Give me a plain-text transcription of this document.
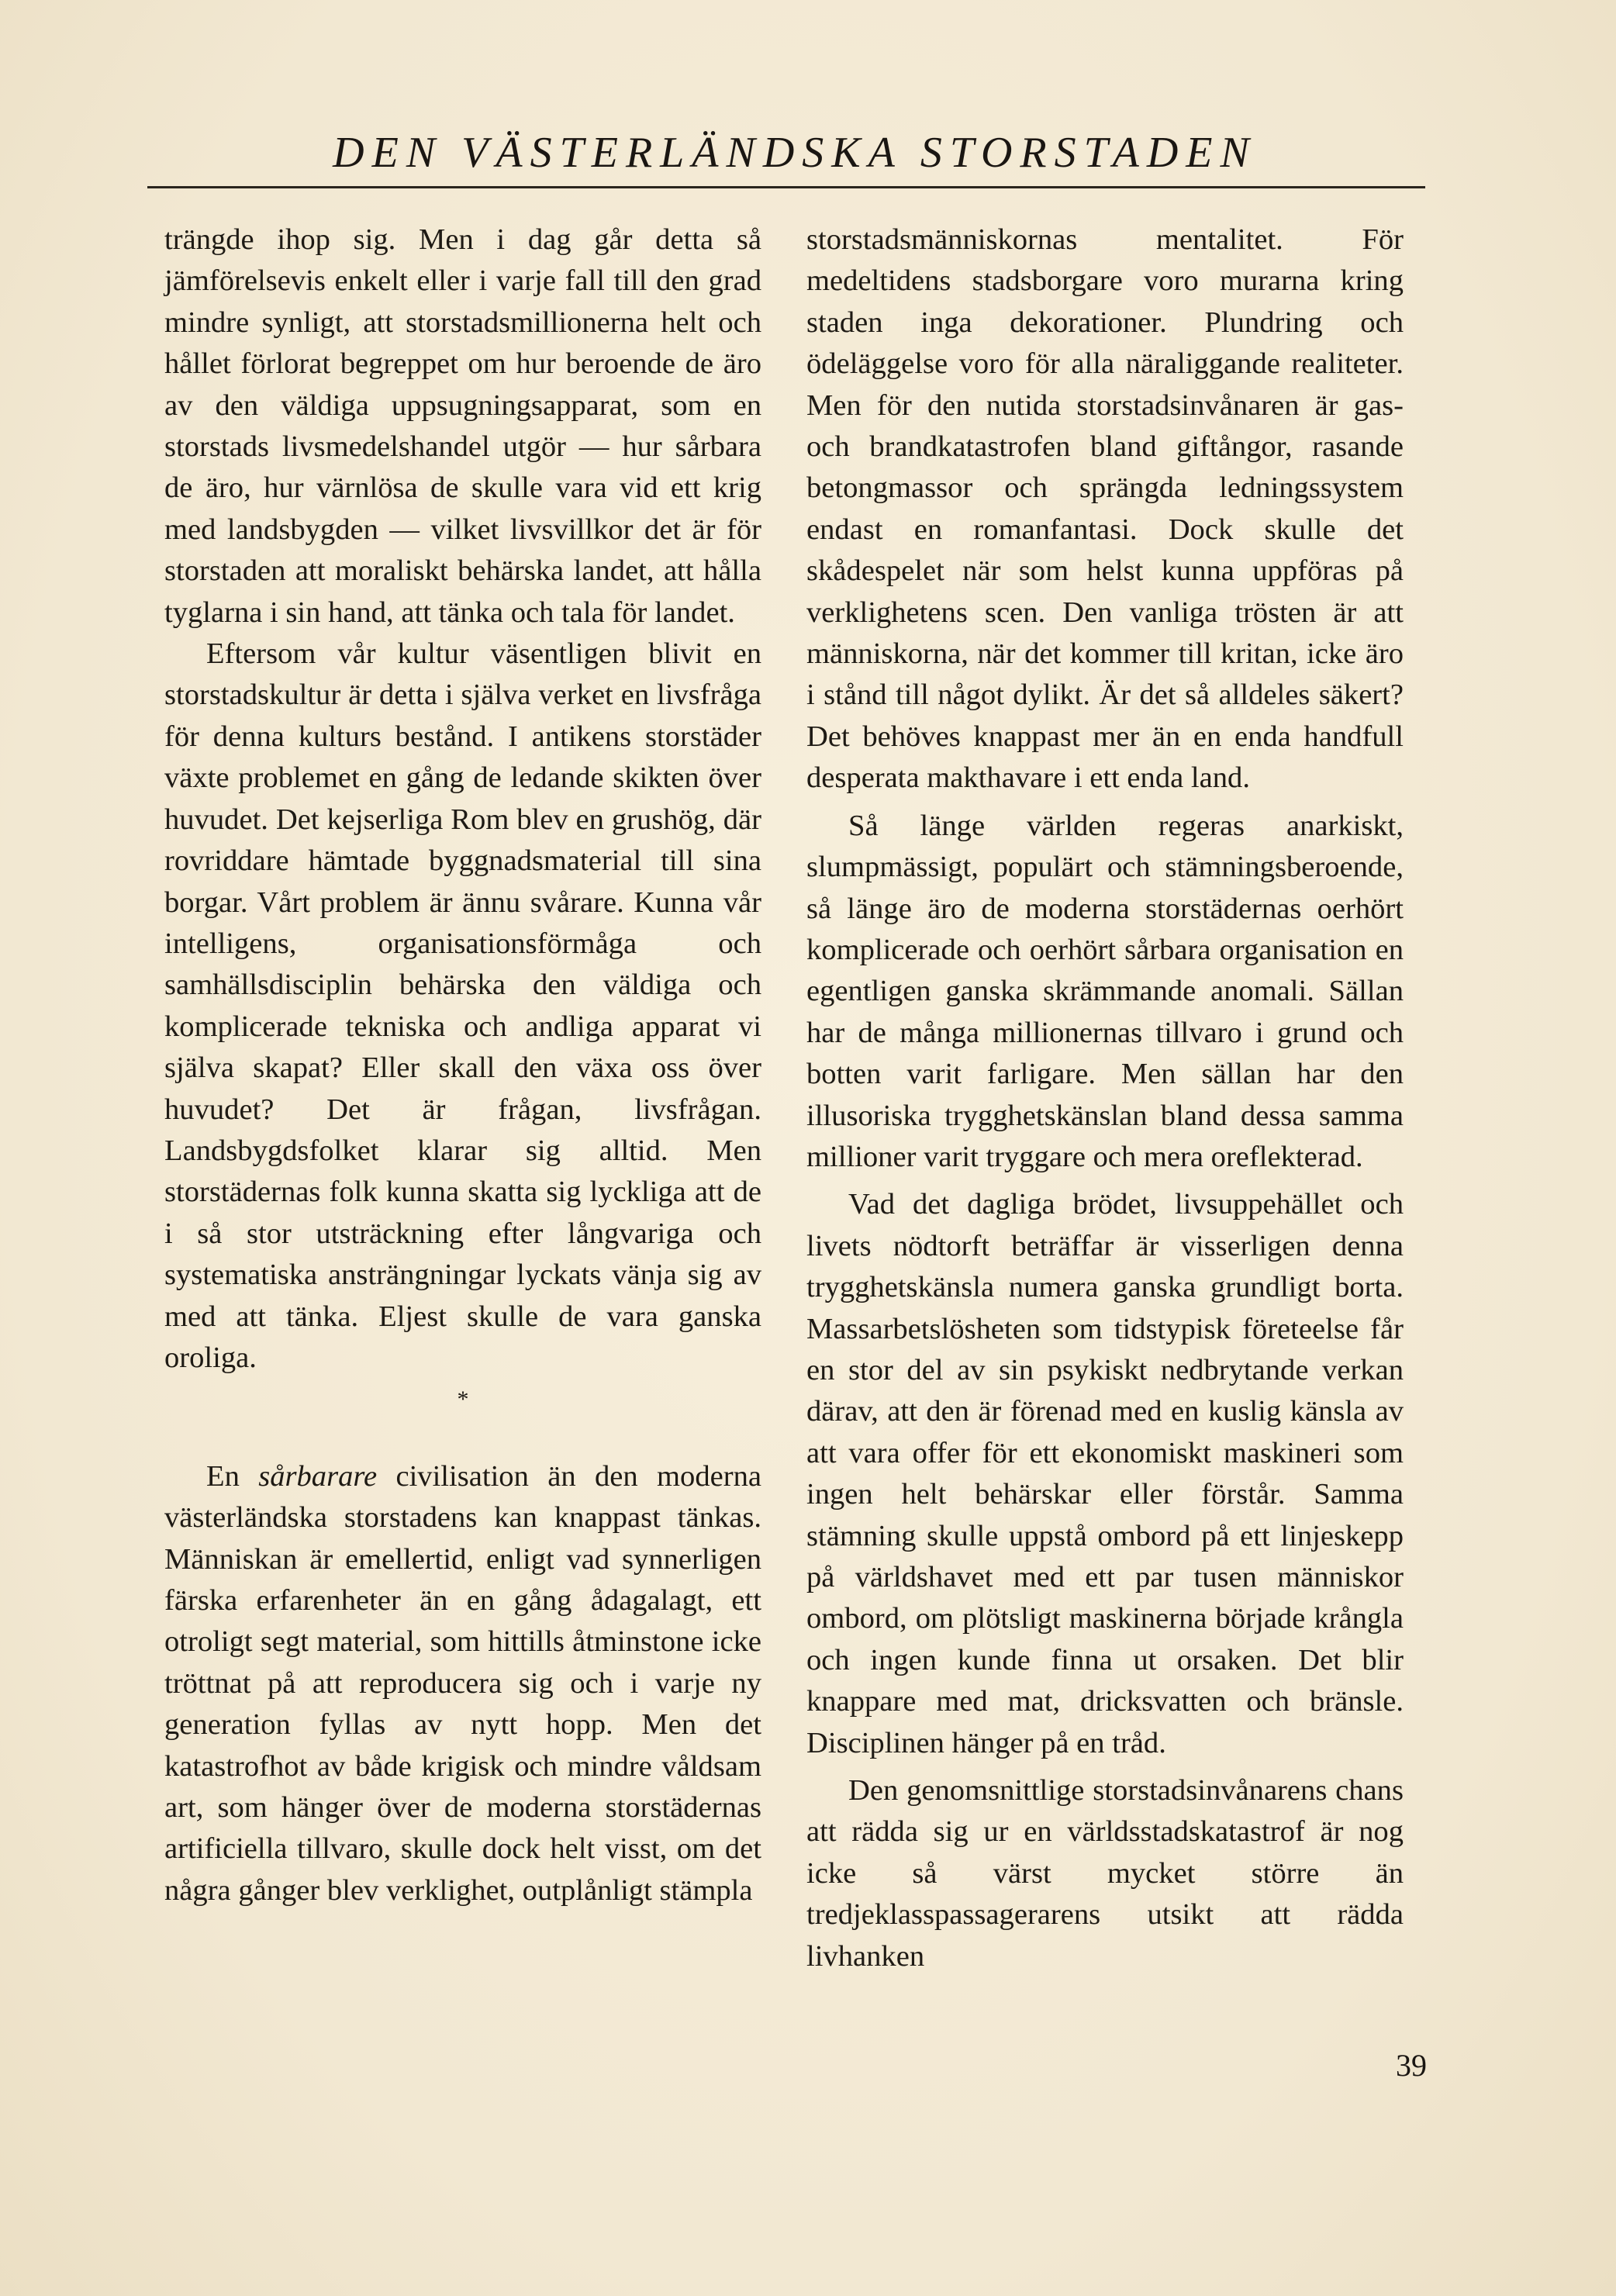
DEN VÄSTERLÄNDSKA STORSTADEN

trängde ihop sig. Men i dag går detta så jämförelsevis enkelt eller i varje fall till den grad mindre synligt, att storstadsmillionerna helt och hållet förlorat begreppet om hur beroende de äro av den väldiga uppsugningsapparat, som en storstads livsmedelshandel utgör — hur sårbara de äro, hur värnlösa de skulle vara vid ett krig med landsbygden — vilket livsvillkor det är för storstaden att moraliskt behärska landet, att hålla tyglarna i sin hand, att tänka och tala för landet.

Eftersom vår kultur väsentligen blivit en storstadskultur är detta i själva verket en livsfråga för denna kulturs bestånd. I antikens storstäder växte problemet en gång de ledande skikten över huvudet. Det kejserliga Rom blev en grushög, där rovriddare hämtade byggnadsmaterial till sina borgar. Vårt problem är ännu svårare. Kunna vår intelligens, organisationsförmåga och samhällsdisciplin behärska den väldiga och komplicerade tekniska och andliga apparat vi själva skapat? Eller skall den växa oss över huvudet? Det är frågan, livsfrågan. Landsbygdsfolket klarar sig alltid. Men storstädernas folk kunna skatta sig lyckliga att de i så stor utsträckning efter långvariga och systematiska ansträngningar lyckats vänja sig av med att tänka. Eljest skulle de vara ganska oroliga.

*

En sårbarare civilisation än den moderna västerländska storstadens kan knappast tänkas. Människan är emellertid, enligt vad synnerligen färska erfarenheter än en gång ådagalagt, ett otroligt segt material, som hittills åtminstone icke tröttnat på att reproducera sig och i varje ny generation fyllas av nytt hopp. Men det katastrofhot av både krigisk och mindre våldsam art, som hänger över de moderna storstädernas artificiella tillvaro, skulle dock helt visst, om det några gånger blev verklighet, outplånligt stämpla

storstadsmänniskornas mentalitet. För medeltidens stadsborgare voro murarna kring staden inga dekorationer. Plundring och ödeläggelse voro för alla näraliggande realiteter. Men för den nutida storstadsinvånaren är gas- och brandkatastrofen bland giftångor, rasande betongmassor och sprängda ledningssystem endast en romanfantasi. Dock skulle det skådespelet när som helst kunna uppföras på verklighetens scen. Den vanliga trösten är att människorna, när det kommer till kritan, icke äro i stånd till något dylikt. Är det så alldeles säkert? Det behöves knappast mer än en enda handfull desperata makthavare i ett enda land.

Så länge världen regeras anarkiskt, slumpmässigt, populärt och stämningsberoende, så länge äro de moderna storstädernas oerhört komplicerade och oerhört sårbara organisation en egentligen ganska skrämmande anomali. Sällan har de många millionernas tillvaro i grund och botten varit farligare. Men sällan har den illusoriska trygghetskänslan bland dessa samma millioner varit tryggare och mera oreflekterad.

Vad det dagliga brödet, livsuppehället och livets nödtorft beträffar är visserligen denna trygghetskänsla numera ganska grundligt borta. Massarbetslösheten som tidstypisk företeelse får en stor del av sin psykiskt nedbrytande verkan därav, att den är förenad med en kuslig känsla av att vara offer för ett ekonomiskt maskineri som ingen helt behärskar eller förstår. Samma stämning skulle uppstå ombord på ett linjeskepp på världshavet med ett par tusen människor ombord, om plötsligt maskinerna började krångla och ingen kunde finna ut orsaken. Det blir knappare med mat, dricksvatten och bränsle. Disciplinen hänger på en tråd.

Den genomsnittlige storstadsinvånarens chans att rädda sig ur en världsstadskatastrof är nog icke så värst mycket större än tredjeklasspassagerarens utsikt att rädda livhanken

39
